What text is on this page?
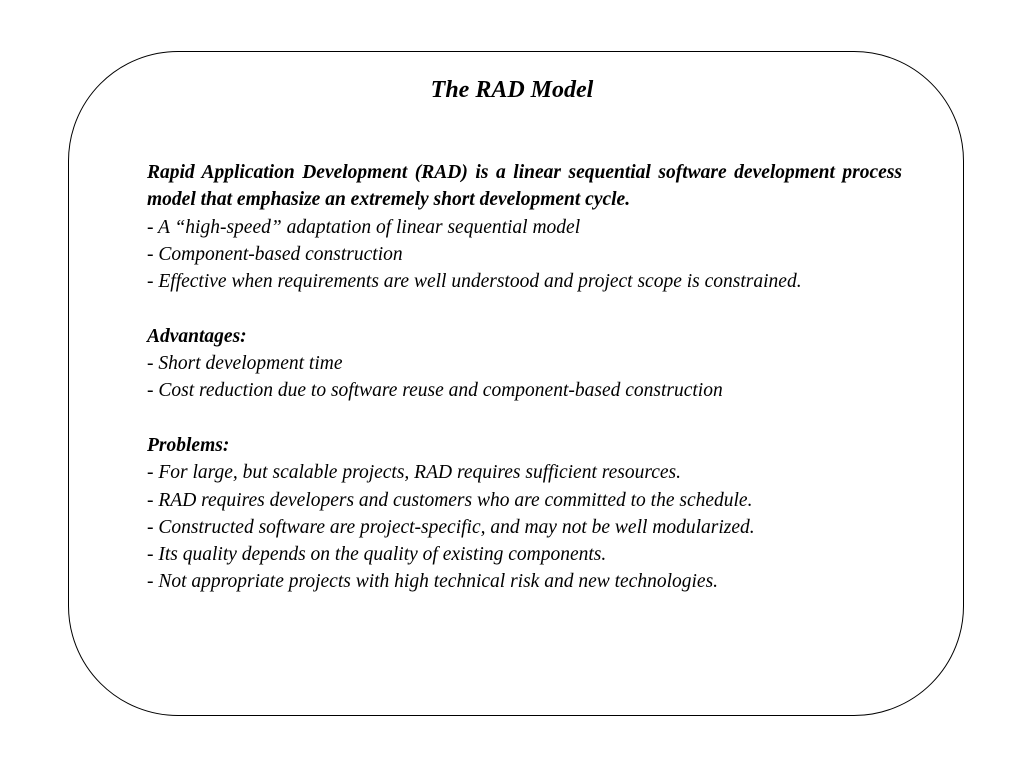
The RAD Model

Rapid Application Development (RAD) is a linear sequential software development process model that emphasize an extremely short development cycle.

- A “high-speed” adaptation of linear sequential model

- Component-based construction

- Effective when requirements are well understood and project scope is constrained.

Advantages:

- Short development time

- Cost reduction due to software reuse and component-based construction

Problems:

- For large, but scalable projects, RAD requires sufficient resources.

- RAD requires developers and customers who are committed to the schedule.

- Constructed software are project-specific, and may not be well modularized.

- Its quality depends on the quality of existing components.

- Not appropriate projects with high technical risk and new technologies.
